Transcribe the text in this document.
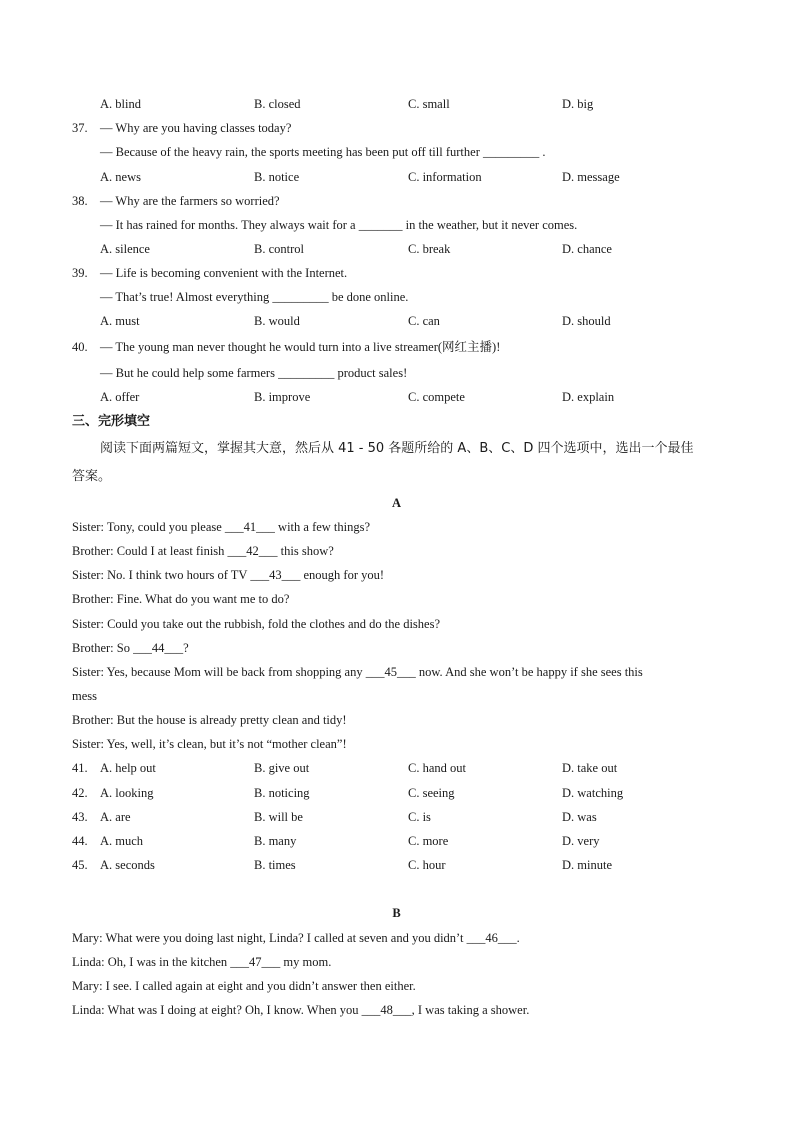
A. blind	B. closed	C. small	D. big
37. — Why are you having classes today?
— Because of the heavy rain, the sports meeting has been put off till further _________ .
A. news	B. notice	C. information	D. message
38. — Why are the farmers so worried?
— It has rained for months. They always wait for a _______ in the weather, but it never comes.
A. silence	B. control	C. break	D. chance
39. — Life is becoming convenient with the Internet.
— That’s true! Almost everything _________ be done online.
A. must	B. would	C. can	D. should
40. — The young man never thought he would turn into a live streamer(网红主播)!
— But he could help some farmers _________ product sales!
A. offer	B. improve	C. compete	D. explain
三、完形填空
阅读下面两篇短文，掌握其大意，然后从 41 - 50 各题所给的 A、B、C、D 四个选项中，选出一个最佳
答案。
A
Sister: Tony, could you please ___41___ with a few things?
Brother: Could I at least finish ___42___ this show?
Sister: No. I think two hours of TV ___43___ enough for you!
Brother: Fine. What do you want me to do?
Sister: Could you take out the rubbish, fold the clothes and do the dishes?
Brother: So ___44___?
Sister: Yes, because Mom will be back from shopping any ___45___ now. And she won’t be happy if she sees this
mess
Brother: But the house is already pretty clean and tidy!
Sister: Yes, well, it’s clean, but it’s not “mother clean”!
41. A. help out	B. give out	C. hand out	D. take out
42. A. looking	B. noticing	C. seeing	D. watching
43. A. are	B. will be	C. is	D. was
44. A. much	B. many	C. more	D. very
45. A. seconds	B. times	C. hour	D. minute
B
Mary: What were you doing last night, Linda? I called at seven and you didn’t ___46___.
Linda: Oh, I was in the kitchen ___47___ my mom.
Mary: I see. I called again at eight and you didn’t answer then either.
Linda: What was I doing at eight? Oh, I know. When you ___48___, I was taking a shower.
